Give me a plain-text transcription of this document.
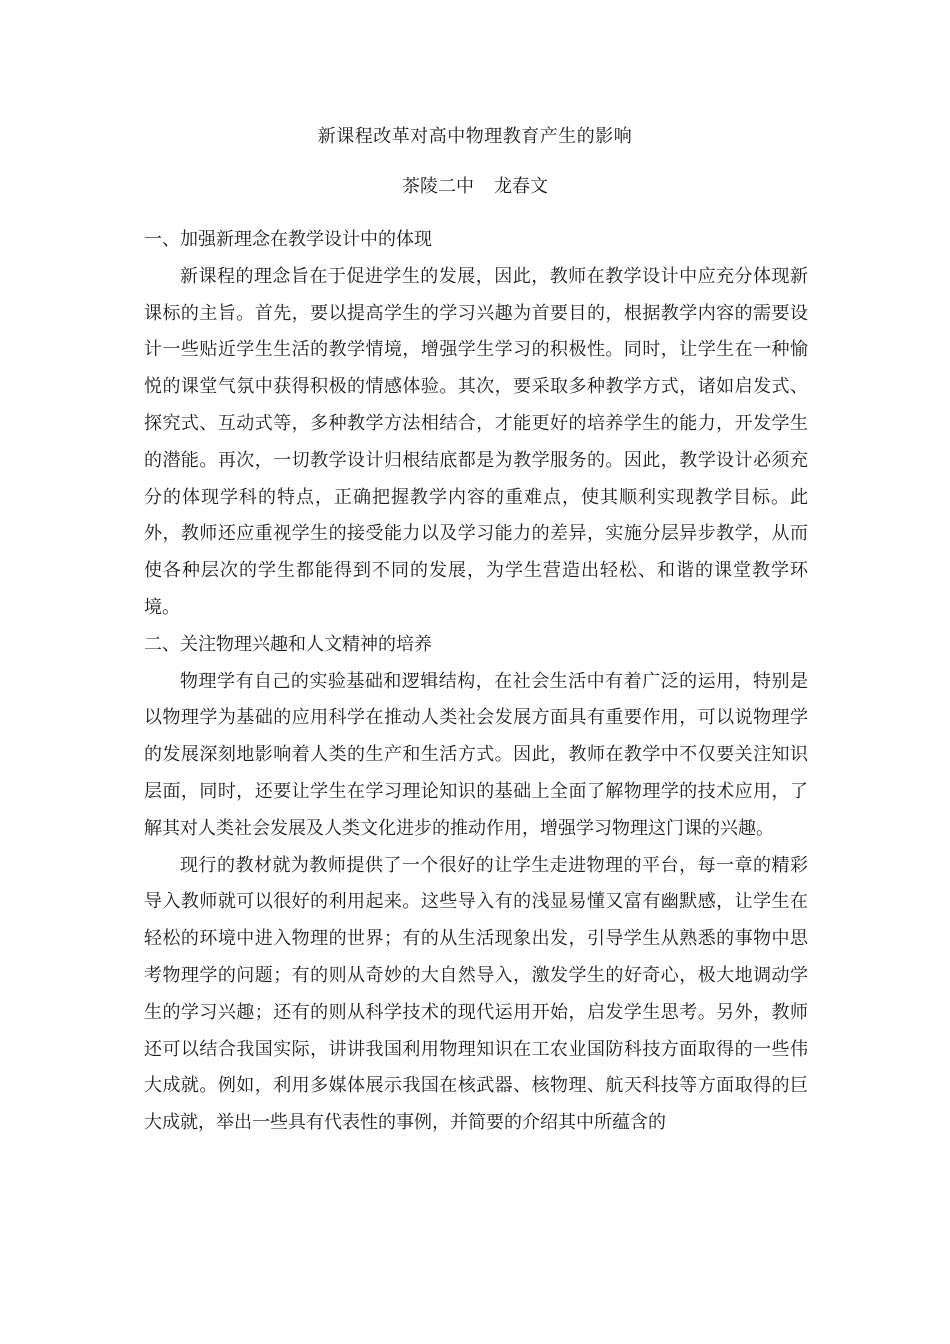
新课程改革对高中物理教育产生的影响
茶陵二中 龙春文

一、加强新理念在教学设计中的体现

新课程的理念旨在于促进学生的发展，因此，教师在教学设计中应充分体现新课标的主旨。首先，要以提高学生的学习兴趣为首要目的，根据教学内容的需要设计一些贴近学生生活的教学情境，增强学生学习的积极性。同时，让学生在一种愉悦的课堂气氛中获得积极的情感体验。其次，要采取多种教学方式，诸如启发式、探究式、互动式等，多种教学方法相结合，才能更好的培养学生的能力，开发学生的潜能。再次，一切教学设计归根结底都是为教学服务的。因此，教学设计必须充分的体现学科的特点，正确把握教学内容的重难点，使其顺利实现教学目标。此外，教师还应重视学生的接受能力以及学习能力的差异，实施分层异步教学，从而使各种层次的学生都能得到不同的发展，为学生营造出轻松、和谐的课堂教学环境。

二、关注物理兴趣和人文精神的培养

物理学有自己的实验基础和逻辑结构，在社会生活中有着广泛的运用，特别是以物理学为基础的应用科学在推动人类社会发展方面具有重要作用，可以说物理学的发展深刻地影响着人类的生产和生活方式。因此，教师在教学中不仅要关注知识层面，同时，还要让学生在学习理论知识的基础上全面了解物理学的技术应用，了解其对人类社会发展及人类文化进步的推动作用，增强学习物理这门课的兴趣。

现行的教材就为教师提供了一个很好的让学生走进物理的平台，每一章的精彩导入教师就可以很好的利用起来。这些导入有的浅显易懂又富有幽默感，让学生在轻松的环境中进入物理的世界；有的从生活现象出发，引导学生从熟悉的事物中思考物理学的问题；有的则从奇妙的大自然导入，激发学生的好奇心，极大地调动学生的学习兴趣；还有的则从科学技术的现代运用开始，启发学生思考。另外，教师还可以结合我国实际，讲讲我国利用物理知识在工农业国防科技方面取得的一些伟大成就。例如，利用多媒体展示我国在核武器、核物理、航天科技等方面取得的巨大成就，举出一些具有代表性的事例，并简要的介绍其中所蕴含的
